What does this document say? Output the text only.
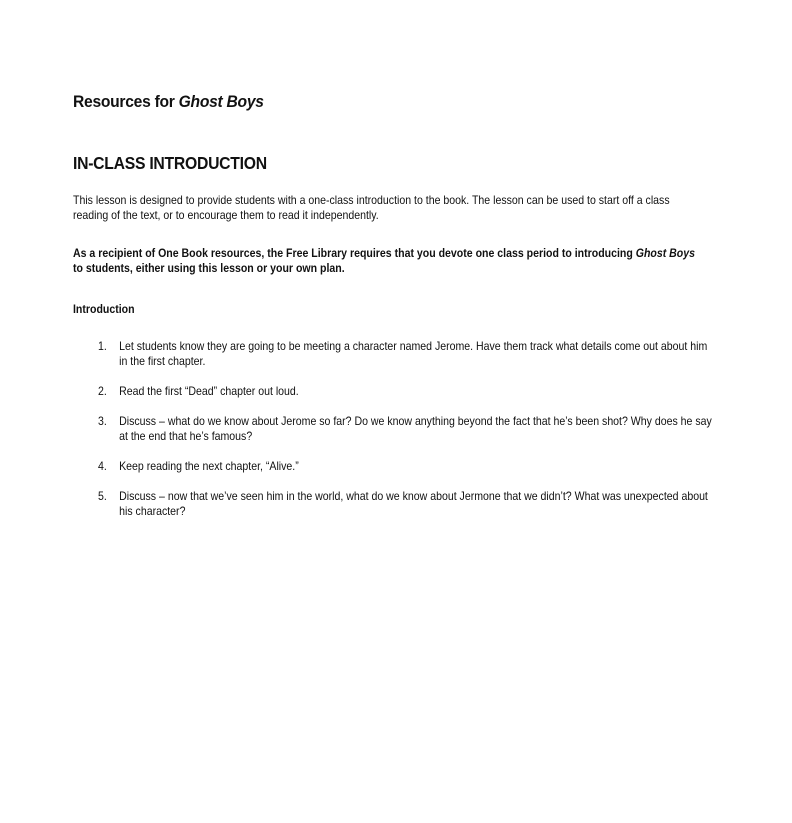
Resources for Ghost Boys
IN-CLASS INTRODUCTION

This lesson is designed to provide students with a one-class introduction to the book. The lesson can be used to start off a class reading of the text, or to encourage them to read it independently.

As a recipient of One Book resources, the Free Library requires that you devote one class period to introducing Ghost Boys to students, either using this lesson or your own plan.

Introduction
1. Let students know they are going to be meeting a character named Jerome. Have them track what details come out about him in the first chapter.
2. Read the first “Dead” chapter out loud.
3. Discuss – what do we know about Jerome so far? Do we know anything beyond the fact that he’s been shot? Why does he say at the end that he’s famous?
4. Keep reading the next chapter, “Alive.”
5. Discuss – now that we’ve seen him in the world, what do we know about Jermone that we didn’t? What was unexpected about his character?
